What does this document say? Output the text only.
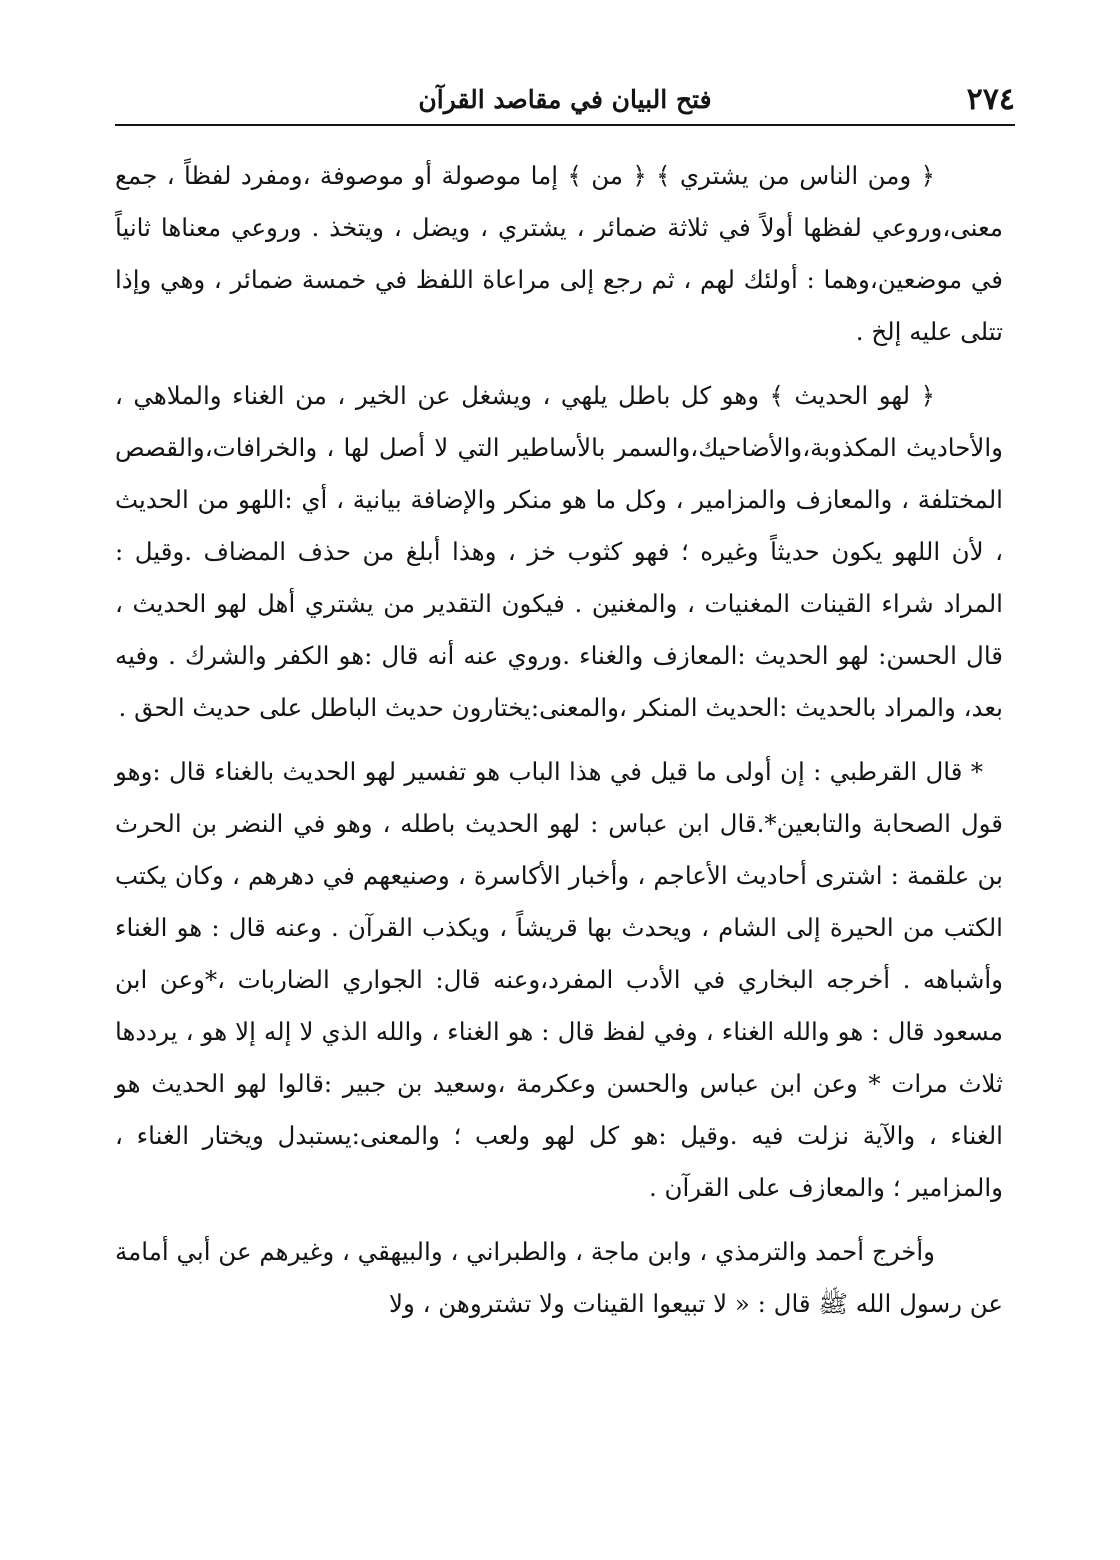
٢٧٤
فتح البيان في مقاصد القرآن

﴿ ومن الناس من يشتري ﴾ ﴿ من ﴾ إما موصولة أو موصوفة ،ومفرد لفظاً ، جمع معنى،وروعي لفظها أولاً في ثلاثة ضمائر ، يشتري ، ويضل ، ويتخذ . وروعي معناها ثانياً في موضعين،وهما : أولئك لهم ، ثم رجع إلى مراعاة اللفظ في خمسة ضمائر ، وهي وإذا تتلى عليه إلخ .

﴿ لهو الحديث ﴾ وهو كل باطل يلهي ، ويشغل عن الخير ، من الغناء والملاهي ، والأحاديث المكذوبة،والأضاحيك،والسمر بالأساطير التي لا أصل لها ، والخرافات،والقصص المختلفة ، والمعازف والمزامير ، وكل ما هو منكر والإضافة بيانية ، أي :اللهو من الحديث ، لأن اللهو يكون حديثاً وغيره ؛ فهو كثوب خز ، وهذا أبلغ من حذف المضاف .وقيل : المراد شراء القينات المغنيات ، والمغنين . فيكون التقدير من يشتري أهل لهو الحديث ، قال الحسن: لهو الحديث :المعازف والغناء .وروي عنه أنه قال :هو الكفر والشرك . وفيه بعد، والمراد بالحديث :الحديث المنكر ،والمعنى:يختارون حديث الباطل على حديث الحق .

* قال القرطبي : إن أولى ما قيل في هذا الباب هو تفسير لهو الحديث بالغناء قال :وهو قول الصحابة والتابعين*.قال ابن عباس : لهو الحديث باطله ، وهو في النضر بن الحرث بن علقمة : اشترى أحاديث الأعاجم ، وأخبار الأكاسرة ، وصنيعهم في دهرهم ، وكان يكتب الكتب من الحيرة إلى الشام ، ويحدث بها قريشاً ، ويكذب القرآن . وعنه قال : هو الغناء وأشباهه . أخرجه البخاري في الأدب المفرد،وعنه قال: الجواري الضاربات ،*وعن ابن مسعود قال : هو والله الغناء ، وفي لفظ قال : هو الغناء ، والله الذي لا إله إلا هو ، يرددها ثلاث مرات * وعن ابن عباس والحسن وعكرمة ،وسعيد بن جبير :قالوا لهو الحديث هو الغناء ، والآية نزلت فيه .وقيل :هو كل لهو ولعب ؛ والمعنى:يستبدل ويختار الغناء ، والمزامير ؛ والمعازف على القرآن .

وأخرج أحمد والترمذي ، وابن ماجة ، والطبراني ، والبيهقي ، وغيرهم عن أبي أمامة عن رسول الله ﷺ قال : « لا تبيعوا القينات ولا تشتروهن ، ولا
